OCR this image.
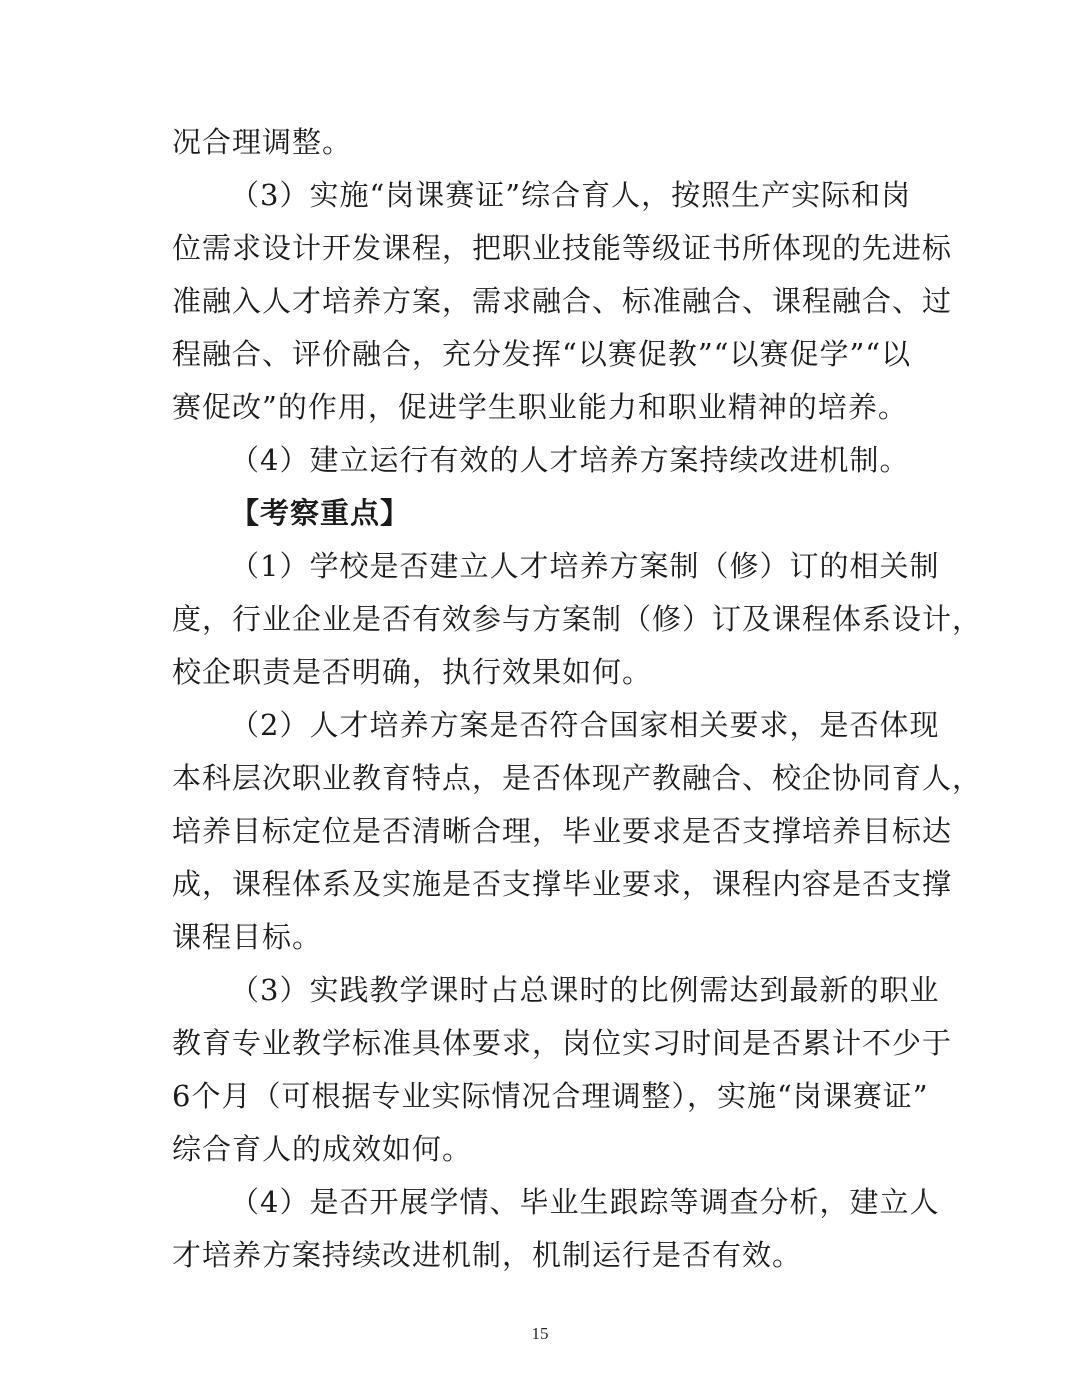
况合理调整。
（3）实施“岗课赛证”综合育人，按照生产实际和岗
位需求设计开发课程，把职业技能等级证书所体现的先进标
准融入人才培养方案，需求融合、标准融合、课程融合、过
程融合、评价融合，充分发挥“以赛促教”“以赛促学”“以
赛促改”的作用，促进学生职业能力和职业精神的培养。
（4）建立运行有效的人才培养方案持续改进机制。
【考察重点】
（1）学校是否建立人才培养方案制（修）订的相关制
度，行业企业是否有效参与方案制（修）订及课程体系设计，
校企职责是否明确，执行效果如何。
（2）人才培养方案是否符合国家相关要求，是否体现
本科层次职业教育特点，是否体现产教融合、校企协同育人，
培养目标定位是否清晰合理，毕业要求是否支撑培养目标达
成，课程体系及实施是否支撑毕业要求，课程内容是否支撑
课程目标。
（3）实践教学课时占总课时的比例需达到最新的职业
教育专业教学标准具体要求，岗位实习时间是否累计不少于
6个月（可根据专业实际情况合理调整），实施“岗课赛证”
综合育人的成效如何。
（4）是否开展学情、毕业生跟踪等调查分析，建立人
才培养方案持续改进机制，机制运行是否有效。
15
